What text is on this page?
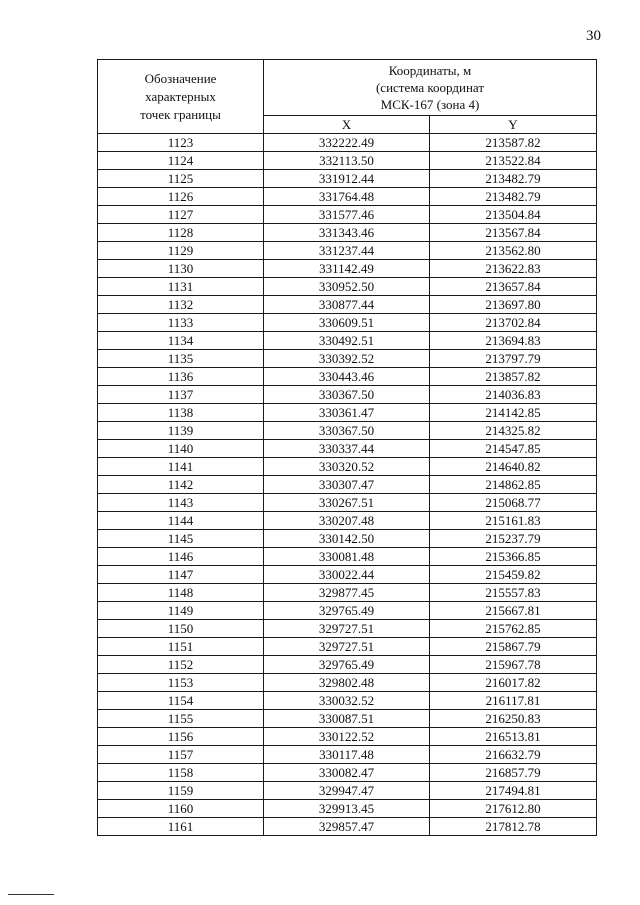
30
Обозначение
характерных
точек границы	Координаты, м
(система координат
МСК-167 (зона 4)	

	X	Y
1123	332222.49	213587.82
1124	332113.50	213522.84
1125	331912.44	213482.79
1126	331764.48	213482.79
1127	331577.46	213504.84
1128	331343.46	213567.84
1129	331237.44	213562.80
1130	331142.49	213622.83
1131	330952.50	213657.84
1132	330877.44	213697.80
1133	330609.51	213702.84
1134	330492.51	213694.83
1135	330392.52	213797.79
1136	330443.46	213857.82
1137	330367.50	214036.83
1138	330361.47	214142.85
1139	330367.50	214325.82
1140	330337.44	214547.85
1141	330320.52	214640.82
1142	330307.47	214862.85
1143	330267.51	215068.77
1144	330207.48	215161.83
1145	330142.50	215237.79
1146	330081.48	215366.85
1147	330022.44	215459.82
1148	329877.45	215557.83
1149	329765.49	215667.81
1150	329727.51	215762.85
1151	329727.51	215867.79
1152	329765.49	215967.78
1153	329802.48	216017.82
1154	330032.52	216117.81
1155	330087.51	216250.83
1156	330122.52	216513.81
1157	330117.48	216632.79
1158	330082.47	216857.79
1159	329947.47	217494.81
1160	329913.45	217612.80
1161	329857.47	217812.78
